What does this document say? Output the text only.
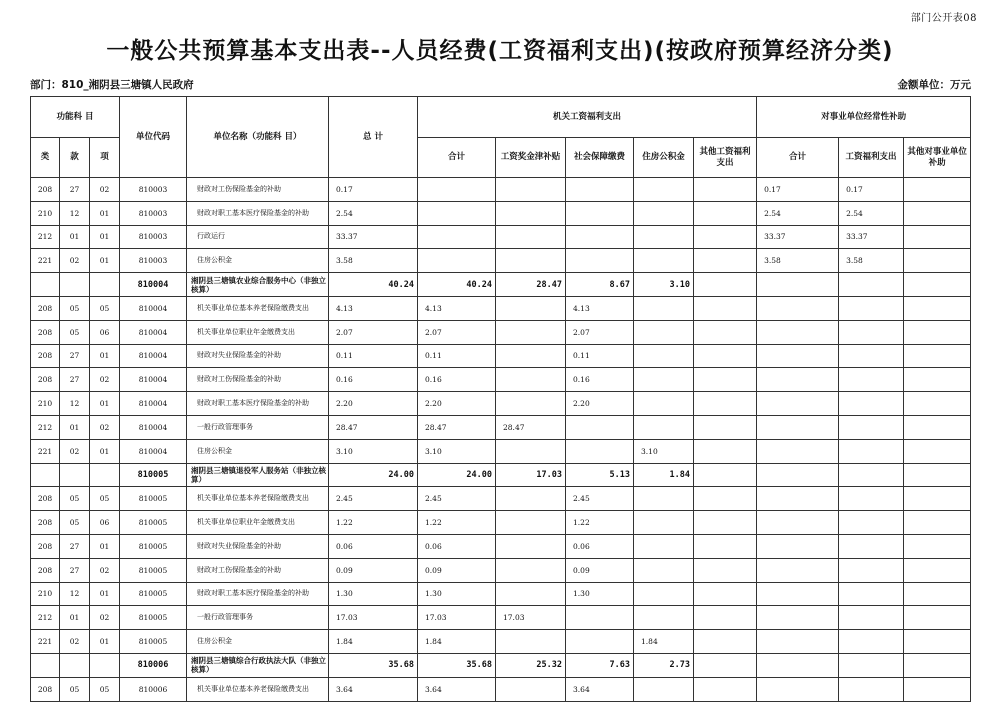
部门公开表08
一般公共预算基本支出表--人员经费(工资福利支出)(按政府预算经济分类)
部门：810_湘阴县三塘镇人民政府	金额单位：万元
功能科 目			单位代码	单位名称（功能科 目）	总 计	机关工资福利支出					对事业单位经常性补助		
类	款	项				合计	工资奖金津补贴	社会保障缴费	住房公积金	其他工资福利支出	合计	工资福利支出	其他对事业单位补助
208	27	02	810003	财政对工伤保险基金的补助	0.17						0.17	0.17	
210	12	01	810003	财政对职工基本医疗保险基金的补助	2.54						2.54	2.54	
212	01	01	810003	行政运行	33.37						33.37	33.37	
221	02	01	810003	住房公积金	3.58						3.58	3.58	
			810004	湘阴县三塘镇农业综合服务中心（非独立核算）	40.24	40.24	28.47	8.67	3.10				
208	05	05	810004	机关事业单位基本养老保险缴费支出	4.13	4.13		4.13					
208	05	06	810004	机关事业单位职业年金缴费支出	2.07	2.07		2.07					
208	27	01	810004	财政对失业保险基金的补助	0.11	0.11		0.11					
208	27	02	810004	财政对工伤保险基金的补助	0.16	0.16		0.16					
210	12	01	810004	财政对职工基本医疗保险基金的补助	2.20	2.20		2.20					
212	01	02	810004	一般行政管理事务	28.47	28.47	28.47						
221	02	01	810004	住房公积金	3.10	3.10			3.10				
			810005	湘阴县三塘镇退役军人服务站（非独立核算）	24.00	24.00	17.03	5.13	1.84				
208	05	05	810005	机关事业单位基本养老保险缴费支出	2.45	2.45		2.45					
208	05	06	810005	机关事业单位职业年金缴费支出	1.22	1.22		1.22					
208	27	01	810005	财政对失业保险基金的补助	0.06	0.06		0.06					
208	27	02	810005	财政对工伤保险基金的补助	0.09	0.09		0.09					
210	12	01	810005	财政对职工基本医疗保险基金的补助	1.30	1.30		1.30					
212	01	02	810005	一般行政管理事务	17.03	17.03	17.03						
221	02	01	810005	住房公积金	1.84	1.84			1.84				
			810006	湘阴县三塘镇综合行政执法大队（非独立核算）	35.68	35.68	25.32	7.63	2.73				
208	05	05	810006	机关事业单位基本养老保险缴费支出	3.64	3.64		3.64					
